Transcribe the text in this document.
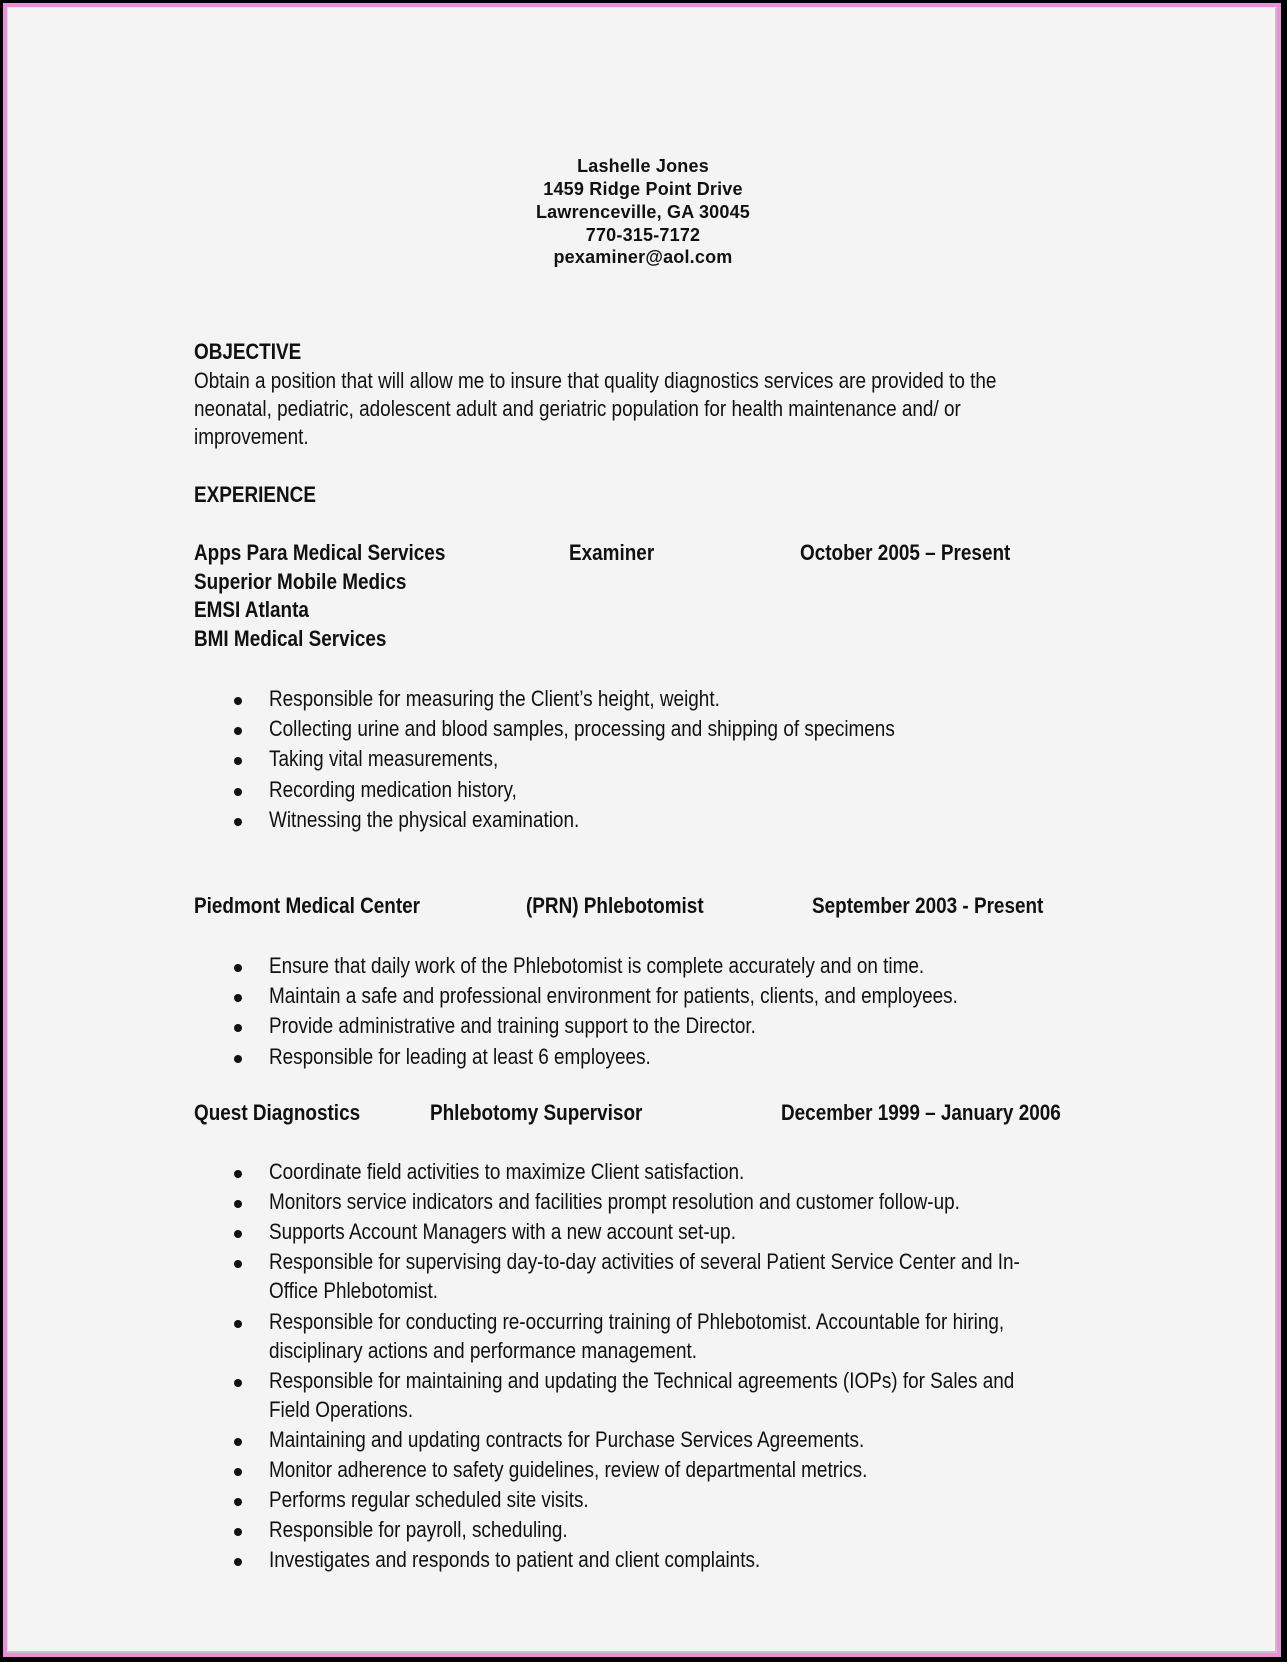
Lashelle Jones
1459 Ridge Point Drive
Lawrenceville, GA 30045
770-315-7172
pexaminer@aol.com
OBJECTIVE
Obtain a position that will allow me to insure that quality diagnostics services are provided to the
neonatal, pediatric, adolescent adult and geriatric population for health maintenance and/ or
improvement.
EXPERIENCE
Apps Para Medical Services	Examiner	October 2005 – Present
Superior Mobile Medics
EMSI Atlanta
BMI Medical Services
Responsible for measuring the Client’s height, weight.
Collecting urine and blood samples, processing and shipping of specimens
Taking vital measurements,
Recording medication history,
Witnessing the physical examination.
Piedmont Medical Center	(PRN) Phlebotomist	September 2003 - Present
Ensure that daily work of the Phlebotomist is complete accurately and on time.
Maintain a safe and professional environment for patients, clients, and employees.
Provide administrative and training support to the Director.
Responsible for leading at least 6 employees.
Quest Diagnostics	Phlebotomy Supervisor	December 1999 – January 2006
Coordinate field activities to maximize Client satisfaction.
Monitors service indicators and facilities prompt resolution and customer follow-up.
Supports Account Managers with a new account set-up.
Responsible for supervising day-to-day activities of several Patient Service Center and In-
Office Phlebotomist.
Responsible for conducting re-occurring training of Phlebotomist. Accountable for hiring,
disciplinary actions and performance management.
Responsible for maintaining and updating the Technical agreements (IOPs) for Sales and
Field Operations.
Maintaining and updating contracts for Purchase Services Agreements.
Monitor adherence to safety guidelines, review of departmental metrics.
Performs regular scheduled site visits.
Responsible for payroll, scheduling.
Investigates and responds to patient and client complaints.
